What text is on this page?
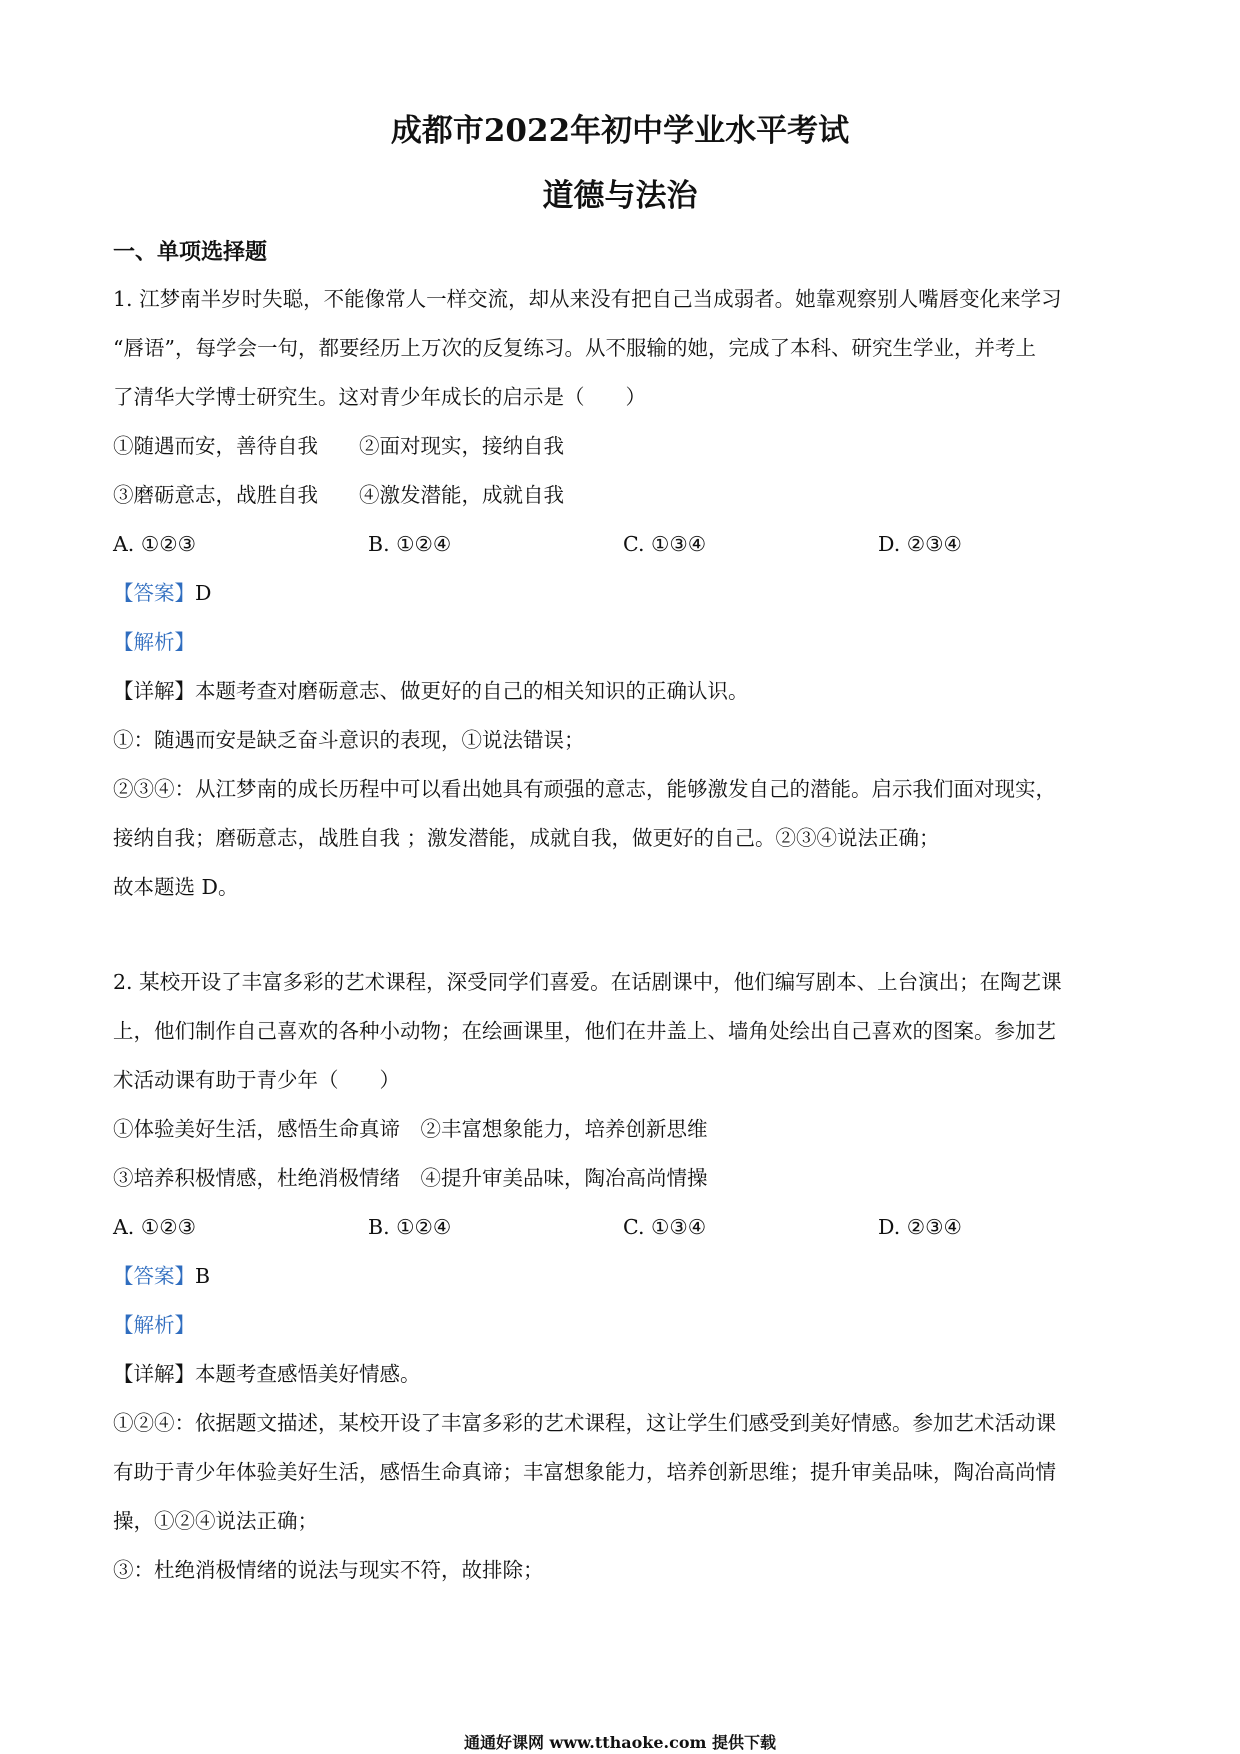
成都市2022年初中学业水平考试
道德与法治
一、单项选择题
1. 江梦南半岁时失聪，不能像常人一样交流，却从来没有把自己当成弱者。她靠观察别人嘴唇变化来学习
“唇语”，每学会一句，都要经历上万次的反复练习。从不服输的她，完成了本科、研究生学业，并考上
了清华大学博士研究生。这对青少年成长的启示是（　　）
①随遇而安，善待自我　　②面对现实，接纳自我
③磨砺意志，战胜自我　　④激发潜能，成就自我
A. ①②③	B. ①②④	C. ①③④	D. ②③④
【答案】D
【解析】
【详解】本题考查对磨砺意志、做更好的自己的相关知识的正确认识。
①：随遇而安是缺乏奋斗意识的表现，①说法错误；
②③④：从江梦南的成长历程中可以看出她具有顽强的意志，能够激发自己的潜能。启示我们面对现实，
接纳自我；磨砺意志，战胜自我 ；激发潜能，成就自我，做更好的自己。②③④说法正确；
故本题选 D。
2. 某校开设了丰富多彩的艺术课程，深受同学们喜爱。在话剧课中，他们编写剧本、上台演出；在陶艺课
上，他们制作自己喜欢的各种小动物；在绘画课里，他们在井盖上、墙角处绘出自己喜欢的图案。参加艺
术活动课有助于青少年（　　）
①体验美好生活，感悟生命真谛　②丰富想象能力，培养创新思维
③培养积极情感，杜绝消极情绪　④提升审美品味，陶冶高尚情操
A. ①②③	B. ①②④	C. ①③④	D. ②③④
【答案】B
【解析】
【详解】本题考查感悟美好情感。
①②④：依据题文描述，某校开设了丰富多彩的艺术课程，这让学生们感受到美好情感。参加艺术活动课
有助于青少年体验美好生活，感悟生命真谛；丰富想象能力，培养创新思维；提升审美品味，陶冶高尚情
操，①②④说法正确；
③：杜绝消极情绪的说法与现实不符，故排除；
通通好课网 www.tthaoke.com 提供下载
